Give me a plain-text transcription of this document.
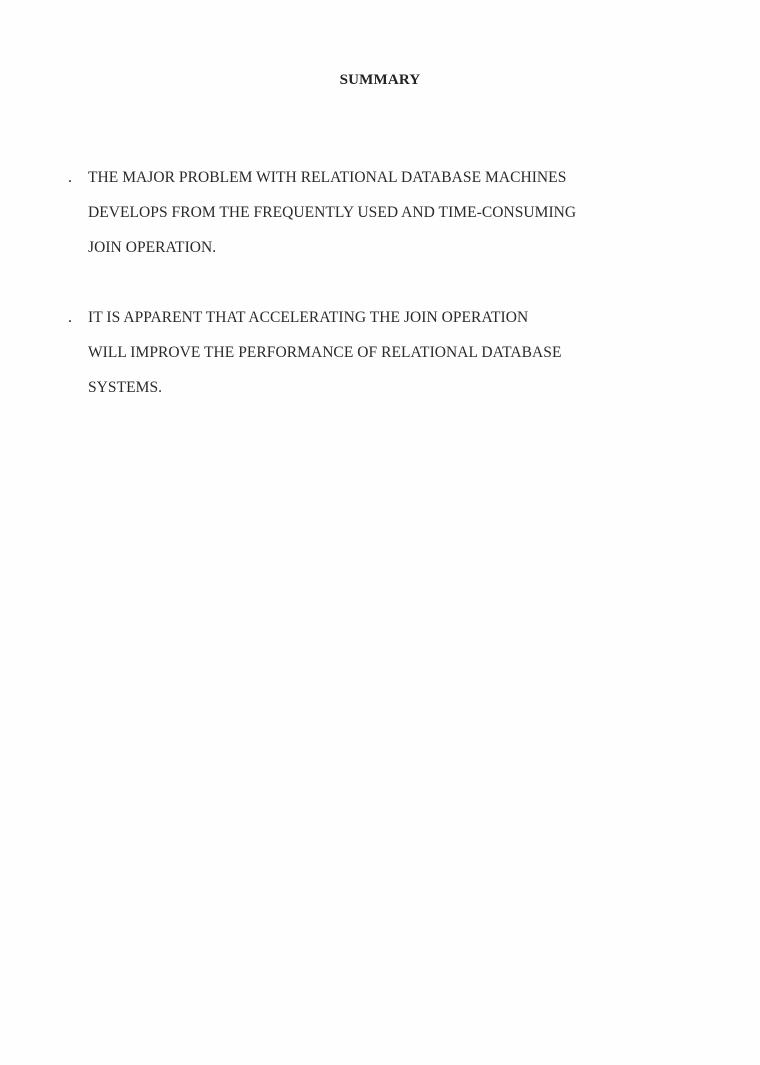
SUMMARY
. THE MAJOR PROBLEM WITH RELATIONAL DATABASE MACHINES
DEVELOPS FROM THE FREQUENTLY USED AND TIME-CONSUMING
JOIN OPERATION.
. IT IS APPARENT THAT ACCELERATING THE JOIN OPERATION
WILL IMPROVE THE PERFORMANCE OF RELATIONAL DATABASE
SYSTEMS.
